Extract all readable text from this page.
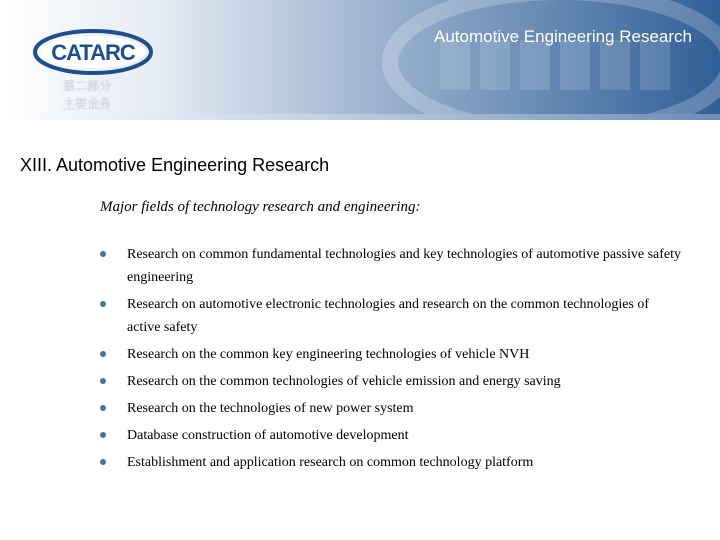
CATARC
Automotive Engineering Research
第二部分
主要业务
XIII. Automotive Engineering Research
Major fields of technology research and engineering:
Research on common fundamental technologies and key technologies of automotive passive safety engineering
Research on automotive electronic technologies and research on the common technologies of active safety
Research on the common key engineering technologies of vehicle NVH
Research on the common technologies of vehicle emission and energy saving
Research on the technologies of new power system
Database construction of automotive development
Establishment and application research on common technology platform
